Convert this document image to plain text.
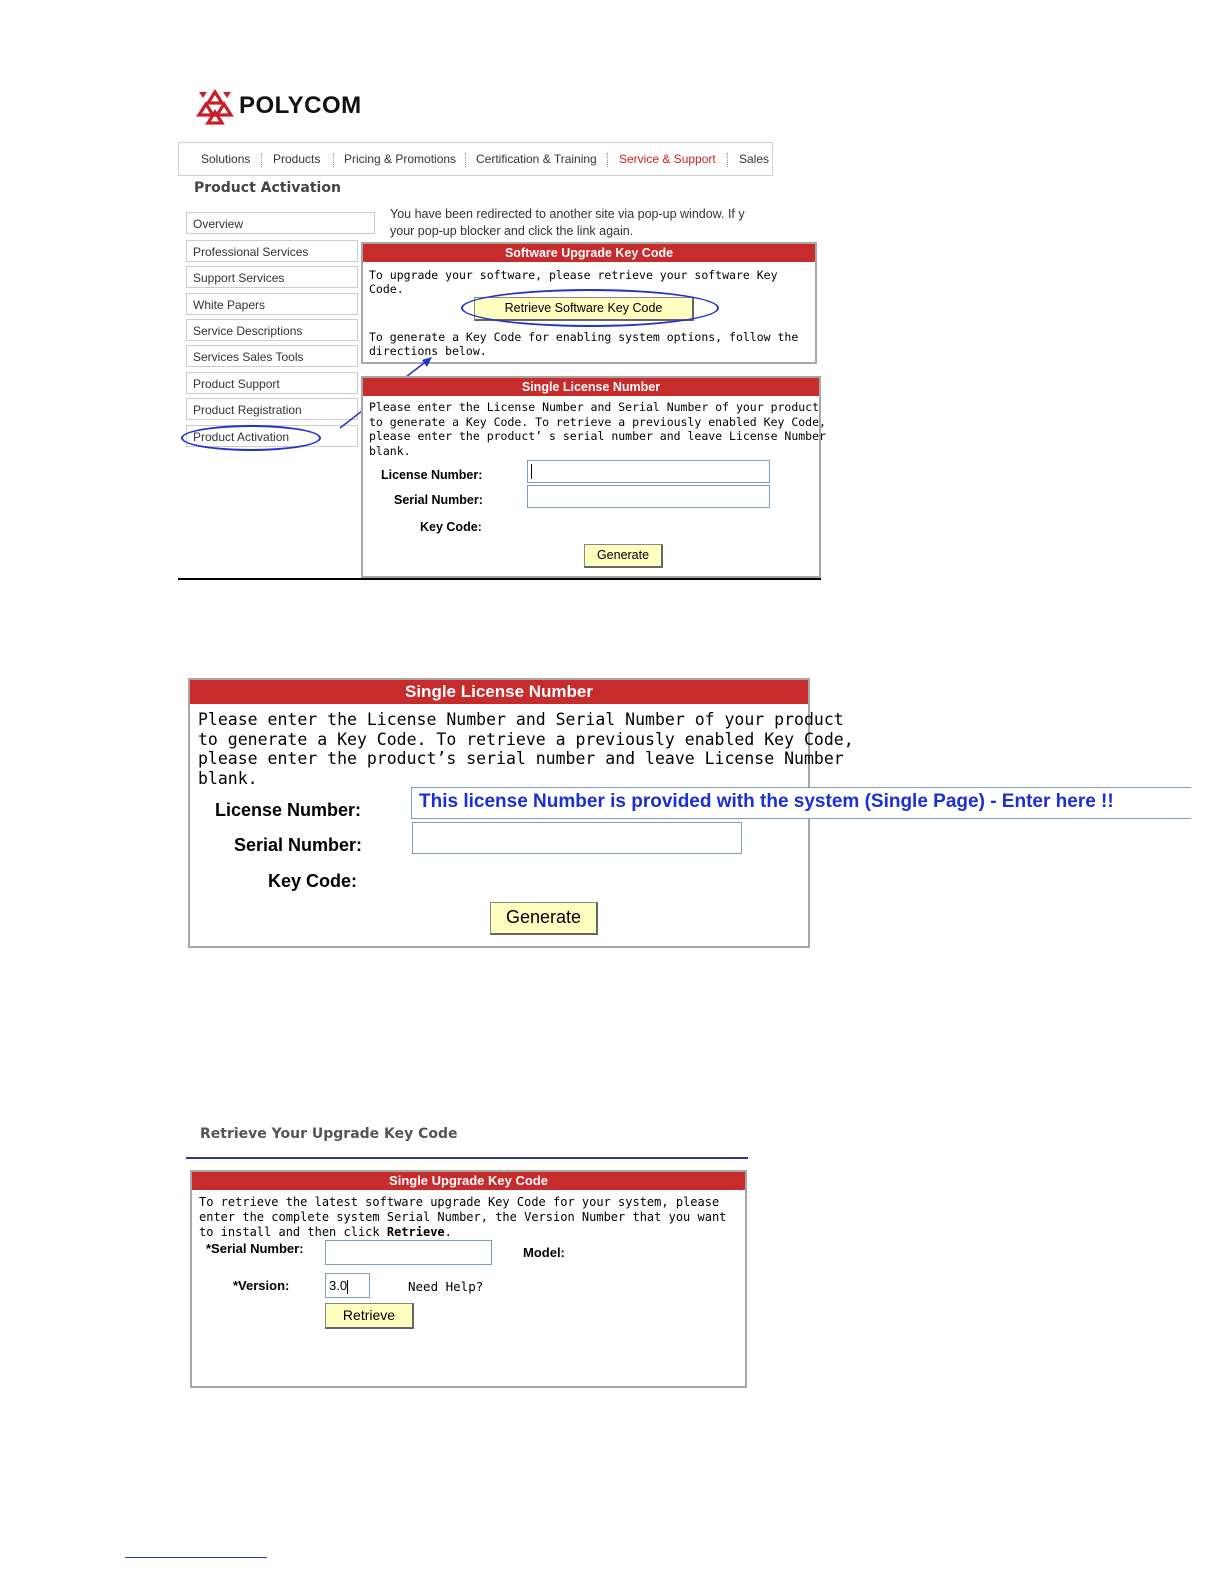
POLYCOM
Solutions Products Pricing & Promotions Certification & Training Service & Support Sales
Product Activation
Overview
Professional Services
Support Services
White Papers
Service Descriptions
Services Sales Tools
Product Support
Product Registration
Product Activation
You have been redirected to another site via pop-up window. If y
your pop-up blocker and click the link again.
Software Upgrade Key Code
To upgrade your software, please retrieve your software Key Code.
Retrieve Software Key Code
To generate a Key Code for enabling system options, follow the
directions below.
Single License Number
Please enter the License Number and Serial Number of your product
to generate a Key Code. To retrieve a previously enabled Key Code,
please enter the product’ s serial number and leave License Number
blank.
License Number:
Serial Number:
Key Code:
Generate
Single License Number
Please enter the License Number and Serial Number of your product
to generate a Key Code. To retrieve a previously enabled Key Code,
please enter the product’s serial number and leave License Number
blank.
License Number:
Serial Number:
Key Code:
Generate
This license Number is provided with the system (Single Page) - Enter here !!
Retrieve Your Upgrade Key Code
Single Upgrade Key Code
To retrieve the latest software upgrade Key Code for your system, please
enter the complete system Serial Number, the Version Number that you want
to install and then click Retrieve.
*Serial Number:	Model:
*Version:	3.0	Need Help?
Retrieve
